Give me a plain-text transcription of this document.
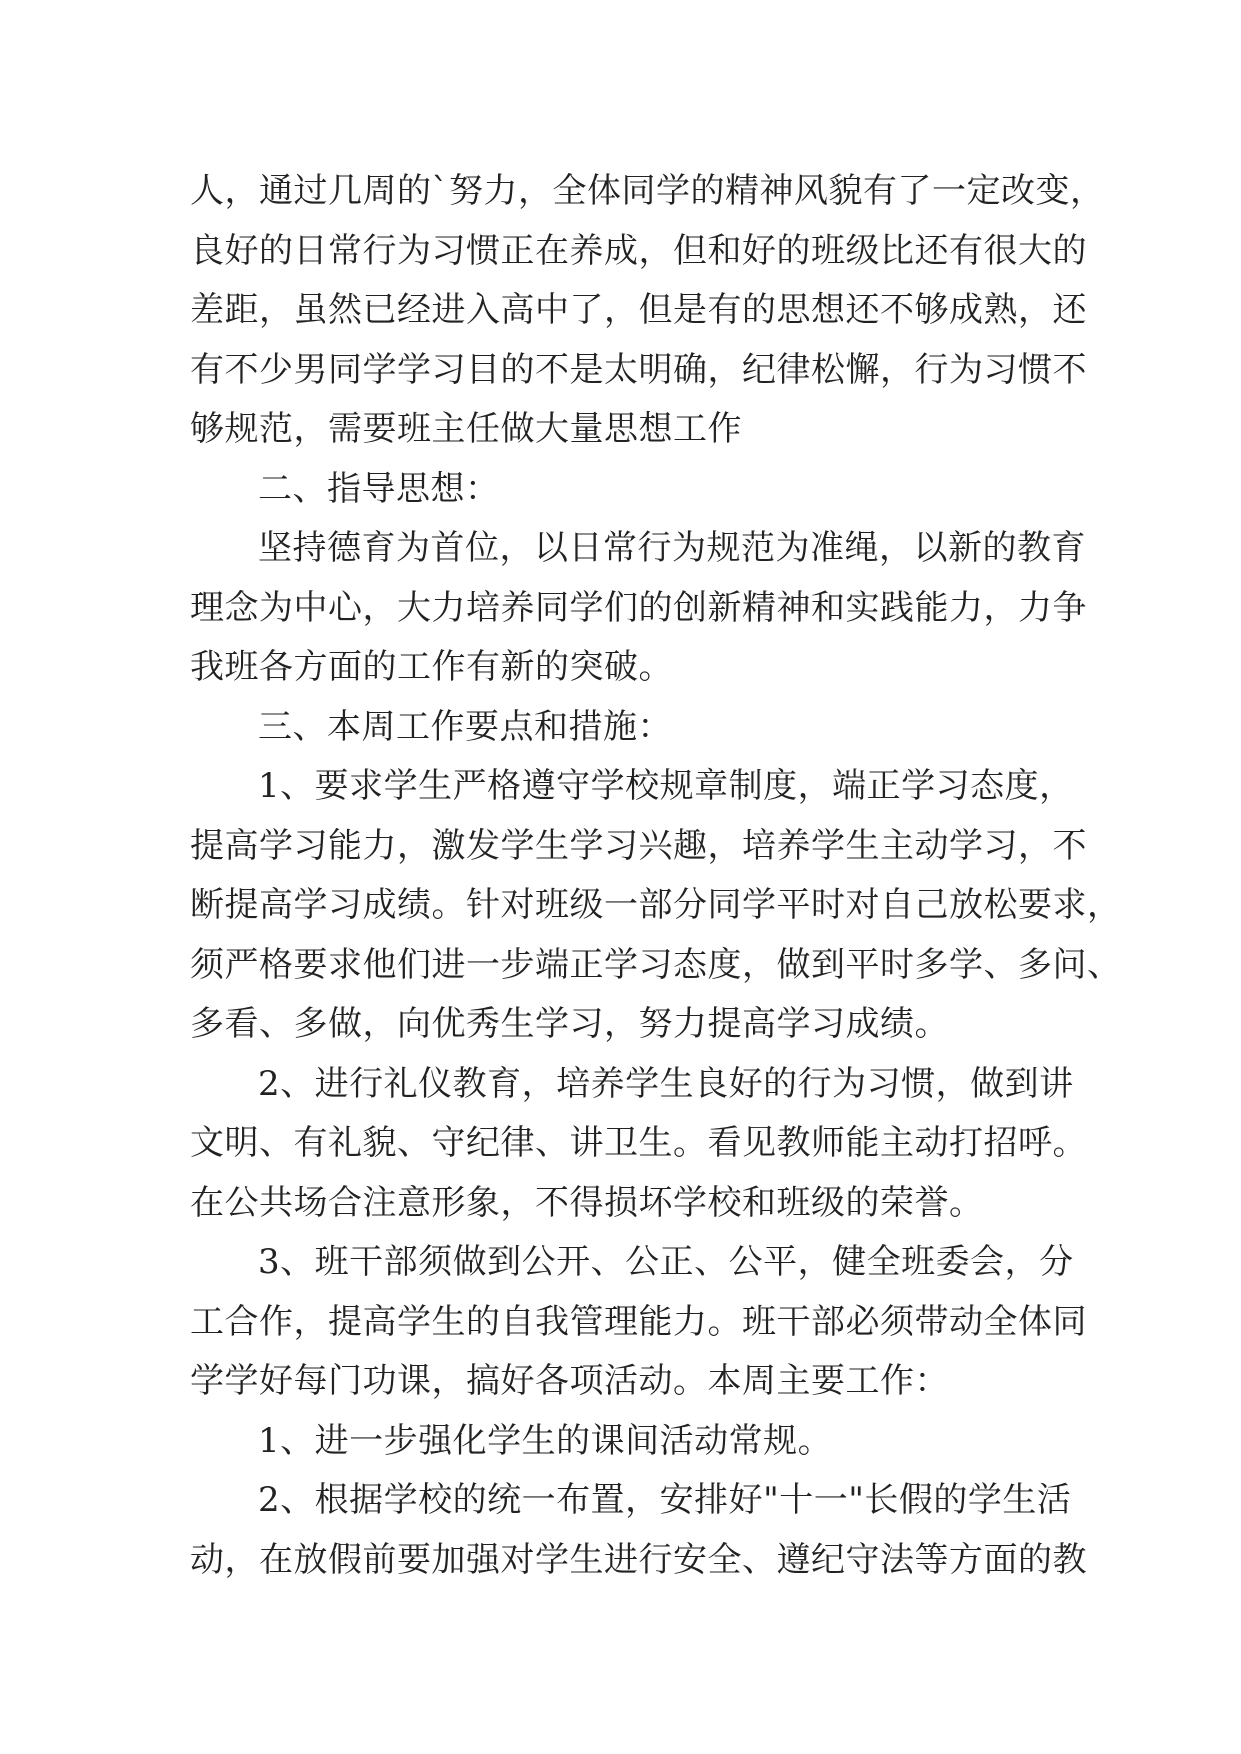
人，通过几周的`努力，全体同学的精神风貌有了一定改变，
良好的日常行为习惯正在养成，但和好的班级比还有很大的
差距，虽然已经进入高中了，但是有的思想还不够成熟，还
有不少男同学学习目的不是太明确，纪律松懈，行为习惯不
够规范，需要班主任做大量思想工作
二、指导思想：
坚持德育为首位，以日常行为规范为准绳，以新的教育
理念为中心，大力培养同学们的创新精神和实践能力，力争
我班各方面的工作有新的突破。
三、本周工作要点和措施：
1、要求学生严格遵守学校规章制度，端正学习态度，
提高学习能力，激发学生学习兴趣，培养学生主动学习，不
断提高学习成绩。针对班级一部分同学平时对自己放松要求，
须严格要求他们进一步端正学习态度，做到平时多学、多问、
多看、多做，向优秀生学习，努力提高学习成绩。
2、进行礼仪教育，培养学生良好的行为习惯，做到讲
文明、有礼貌、守纪律、讲卫生。看见教师能主动打招呼。
在公共场合注意形象，不得损坏学校和班级的荣誉。
3、班干部须做到公开、公正、公平，健全班委会，分
工合作，提高学生的自我管理能力。班干部必须带动全体同
学学好每门功课，搞好各项活动。本周主要工作：
1、进一步强化学生的课间活动常规。
2、根据学校的统一布置，安排好"十一"长假的学生活
动，在放假前要加强对学生进行安全、遵纪守法等方面的教
